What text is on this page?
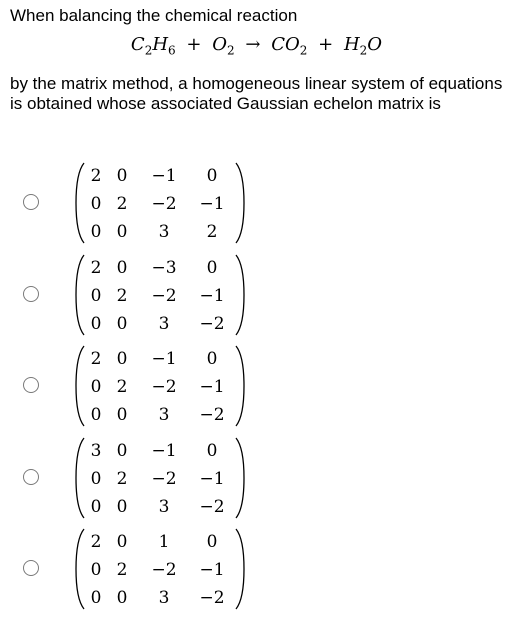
When balancing the chemical reaction
$C_2H_6 + O_2 \to CO_2 + H_2O$
by the matrix method, a homogeneous linear system of equations is obtained whose associated Gaussian echelon matrix is
2 0	−1	0
0 2	−2	−1
0 0	3	2
2 0	−3	0
0 2	−2	−1
0 0	3	−2
2 0	−1	0
0 2	−2	−1
0 0	3	−2
3 0	−1	0
0 2	−2	−1
0 0	3	−2
2 0	1	0
0 2	−2	−1
0 0	3	−2
